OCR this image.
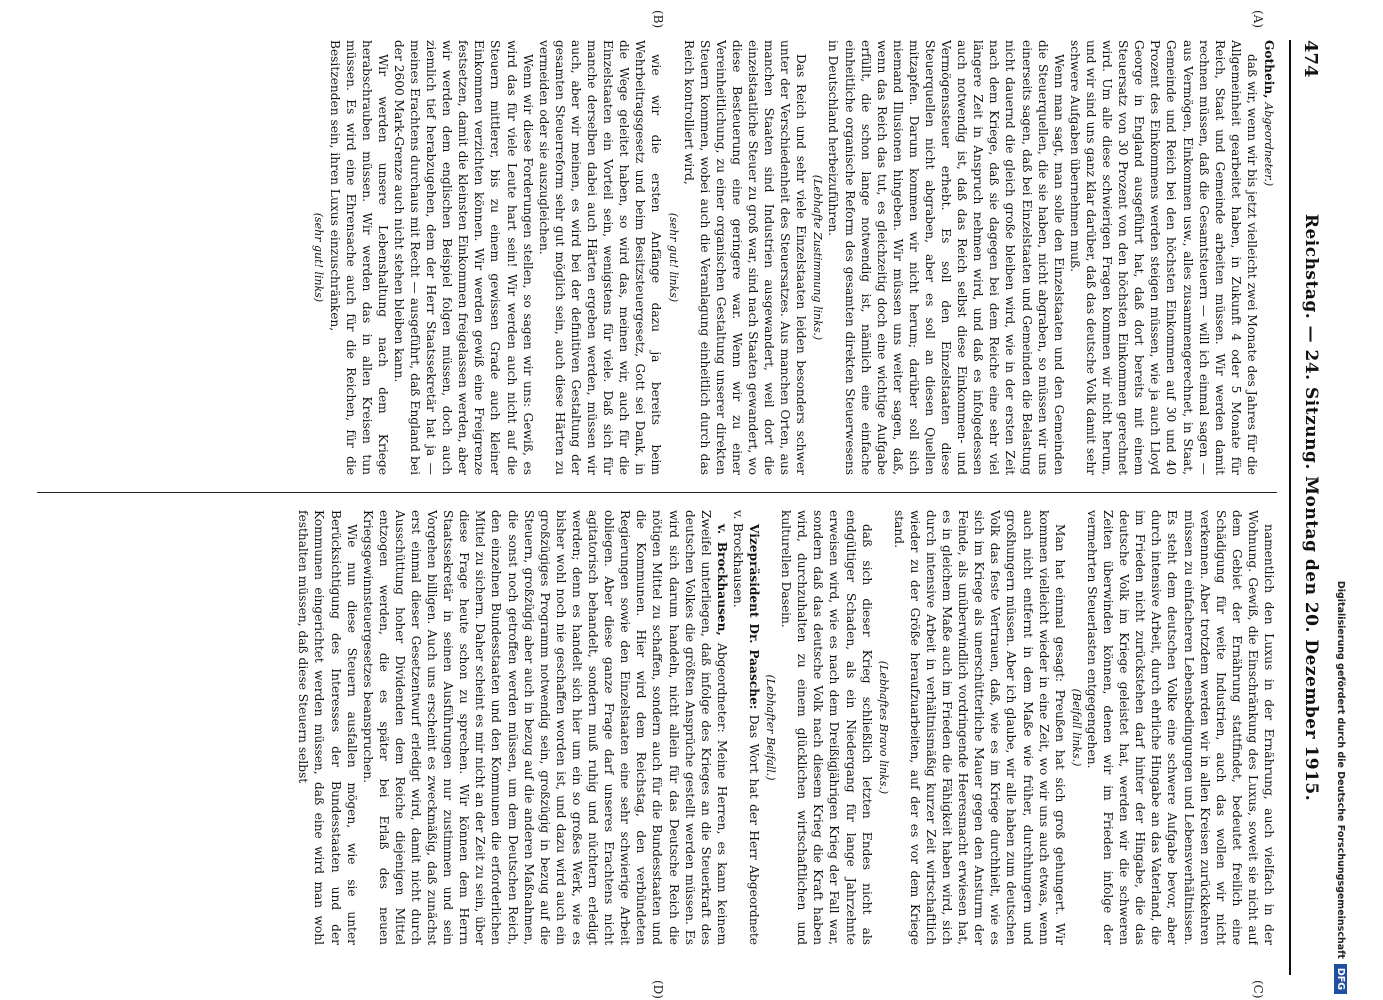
474
Reichstag. — 24. Sitzung. Montag den 20. Dezember 1915.

Gothein, Abgeordneter.)

daß wir, wenn wir bis jetzt vielleicht zwei Monate des Jahres für die Allgemeinheit gearbeitet haben, in Zukunft 4 oder 5 Monate für Reich, Staat und Gemeinde arbeiten müssen. Wir werden damit rechnen müssen, daß die Gesamtsteuern — will ich einmal sagen — aus Vermögen, Einkommen usw., alles zusammengerechnet, in Staat, Gemeinde und Reich bei den höchsten Einkommen auf 30 und 40 Prozent des Einkommens werden steigen müssen, wie ja auch Lloyd George in England ausgeführt hat, daß dort bereits mit einem Steuersatz von 30 Prozent von den höchsten Einkommen gerechnet wird. Um alle diese schwierigen Fragen kommen wir nicht herum, und wir sind uns ganz klar darüber, daß das deutsche Volk damit sehr schwere Aufgaben übernehmen muß.

Wenn man sagt, man solle den Einzelstaaten und den Gemeinden die Steuerquellen, die sie haben, nicht abgraben, so müssen wir uns einerseits sagen, daß bei Einzelstaaten und Gemeinden die Belastung nicht dauernd die gleich große bleiben wird, wie in der ersten Zeit nach dem Kriege, daß sie dagegen bei dem Reiche eine sehr viel längere Zeit in Anspruch nehmen wird, und daß es infolgedessen auch notwendig ist, daß das Reich selbst diese Einkommen- und Vermögenssteuer erhebt. Es soll den Einzelstaaten diese Steuerquellen nicht abgraben, aber es soll an diesen Quellen mitzapfen. Darum kommen wir nicht herum; darüber soll sich niemand Illusionen hingeben. Wir müssen uns weiter sagen, daß, wenn das Reich das tut, es gleichzeitig doch eine wichtige Aufgabe erfüllt, die schon lange notwendig ist, nämlich eine einfache einheitliche organische Reform des gesamten direkten Steuerwesens in Deutschland herbeizuführen.

(Lebhafte Zustimmung links.)

Das Reich und sehr viele Einzelstaaten leiden besonders schwer unter der Verschiedenheit des Steuersatzes. Aus manchen Orten, aus manchen Staaten sind Industrien ausgewandert, weil dort die einzelstaatliche Steuer zu groß war, sind nach Staaten gewandert, wo diese Besteuerung eine geringere war. Wenn wir zu einer Vereinheitlichung, zu einer organischen Gestaltung unserer direkten Steuern kommen, wobei auch die Veranlagung einheitlich durch das Reich kontrolliert wird,

(sehr gut! links)

wie wir die ersten Anfänge dazu ja bereits beim Wehrbeitragsgesetz und beim Besitzsteuergesetz, Gott sei Dank, in die Wege geleitet haben, so wird das, meinen wir, auch für die Einzelstaaten ein Vorteil sein, wenigstens für viele. Daß sich für manche derselben dabei auch Härten ergeben werden, müssen wir auch, aber wir meinen, es wird bei der definitiven Gestaltung der gesamten Steuerreform sehr gut möglich sein, auch diese Härten zu vermeiden oder sie auszugleichen.

Wenn wir diese Forderungen stellen, so sagen wir uns: Gewiß, es wird das für viele Leute hart sein! Wir werden auch nicht auf die Steuern mittlerer, bis zu einem gewissen Grade auch kleiner Einkommen verzichten können. Wir werden gewiß eine Freigrenze festsetzen, damit die kleinsten Einkommen freigelassen werden, aber wir werden dem englischen Beispiel folgen müssen, doch auch ziemlich tief herabzugehen, dem der Herr Staatssekretär hat ja — meines Erachtens durchaus mit Recht — ausgeführt, daß England bei der 2600 Mark-Grenze auch nicht stehen bleiben kann.

Wir werden unsere Lebenshaltung nach dem Kriege herabschrauben müssen. Wir werden das in allen Kreisen tun müssen. Es wird eine Ehrensache auch für die Reichen, für die Besitzenden sein, ihren Luxus einzuschränken,

(sehr gut! links)

namentlich den Luxus in der Ernährung, auch vielfach in der Wohnung. Gewiß, die Einschränkung des Luxus, soweit sie nicht auf dem Gebiet der Ernährung stattfindet, bedeutet freilich eine Schädigung für weite Industrien, auch das wollen wir nicht verkennen. Aber trotzdem werden wir in allen Kreisen zurückkehren müssen zu einfacheren Lebensbedingungen und Lebensverhältnissen. Es steht dem deutschen Volke eine schwere Aufgabe bevor, aber durch intensive Arbeit, durch ehrliche Hingabe an das Vaterland, die im Frieden nicht zurückstehen darf hinter der Hingabe, die das deutsche Volk im Kriege geleistet hat, werden wir die schweren Zeiten überwinden können, denen wir im Frieden infolge der vermehrten Steuerlasten entgegengehen.

(Beifall links.)

Man hat einmal gesagt: Preußen hat sich groß gehungert. Wir kommen vielleicht wieder in eine Zeit, wo wir uns auch etwas, wenn auch nicht entfernt in dem Maße wie früher, durchhungern und großhungern müssen. Aber ich glaube, wir alle haben zum deutschen Volk das feste Vertrauen, daß, wie es im Kriege durchhielt, wie es sich im Kriege als unerschütterliche Mauer gegen den Ansturm der Feinde, als unüberwindlich vordringende Heeresmacht erwiesen hat, es in gleichem Maße auch im Frieden die Fähigkeit haben wird, sich durch intensive Arbeit in verhältnismäßig kurzer Zeit wirtschaftlich wieder zu der Größe heraufzuarbeiten, auf der es vor dem Kriege stand.

(Lebhaftes Bravo links.)

daß sich dieser Krieg schließlich letzten Endes nicht als endgültiger Schaden, als ein Niedergang für lange Jahrzehnte erweisen wird, wie es nach dem Dreißigjährigen Krieg der Fall war, sondern daß das deutsche Volk nach diesem Krieg die Kraft haben wird, durchzuhalten zu einem glücklichen wirtschaftlichen und kulturellen Dasein.

(Lebhafter Beifall.)

Vizepräsident Dr. Paasche: Das Wort hat der Herr Abgeordnete v. Brockhausen.

v. Brockhausen, Abgeordneter: Meine Herren, es kann keinem Zweifel unterliegen, daß infolge des Krieges an die Steuerkraft des deutschen Volkes die größten Ansprüche gestellt werden müssen. Es wird sich darum handeln, nicht allein für das Deutsche Reich die nötigen Mittel zu schaffen, sondern auch für die Bundesstaaten und die Kommunen. Hier wird dem Reichstag, den verbündeten Regierungen sowie den Einzelstaaten eine sehr schwierige Arbeit obliegen. Aber diese ganze Frage darf unseres Erachtens nicht agitatorisch behandelt, sondern muß ruhig und nüchtern erledigt werden; denn es handelt sich hier um ein so großes Werk, wie es bisher wohl noch nie geschaffen worden ist, und dazu wird auch ein großzügiges Programm notwendig sein, großzügig in bezug auf die Steuern, großzügig aber auch in bezug auf die anderen Maßnahmen, die sonst noch getroffen werden müssen, um dem Deutschen Reich, den einzelnen Bundesstaaten und den Kommunen die erforderlichen Mittel zu sichern. Daher scheint es mir nicht an der Zeit zu sein, über diese Frage heute schon zu sprechen. Wir können dem Herrn Staatssekretär in seinen Ausführungen nur zustimmen und sein Vorgehen billigen. Auch uns erscheint es zweckmäßig, daß zunächst erst einmal dieser Gesetzentwurf erledigt wird, damit nicht durch Ausschüttung hoher Dividenden dem Reiche diejenigen Mittel entzogen werden, die es später bei Erlaß des neuen Kriegsgewinnsteuergesetzes beanspruchen.

Wie nun diese Steuern ausfallen mögen, wie sie unter Berücksichtigung des Interesses der Bundesstaaten und der Kommunen eingerichtet werden müssen, daß eine wird man wohl festhalten müssen, daß diese Steuern selbst

(A)
(B)
(C)
(D)
Digitalisierung gefördert durch die Deutsche Forschungsgemeinschaft
DFG
